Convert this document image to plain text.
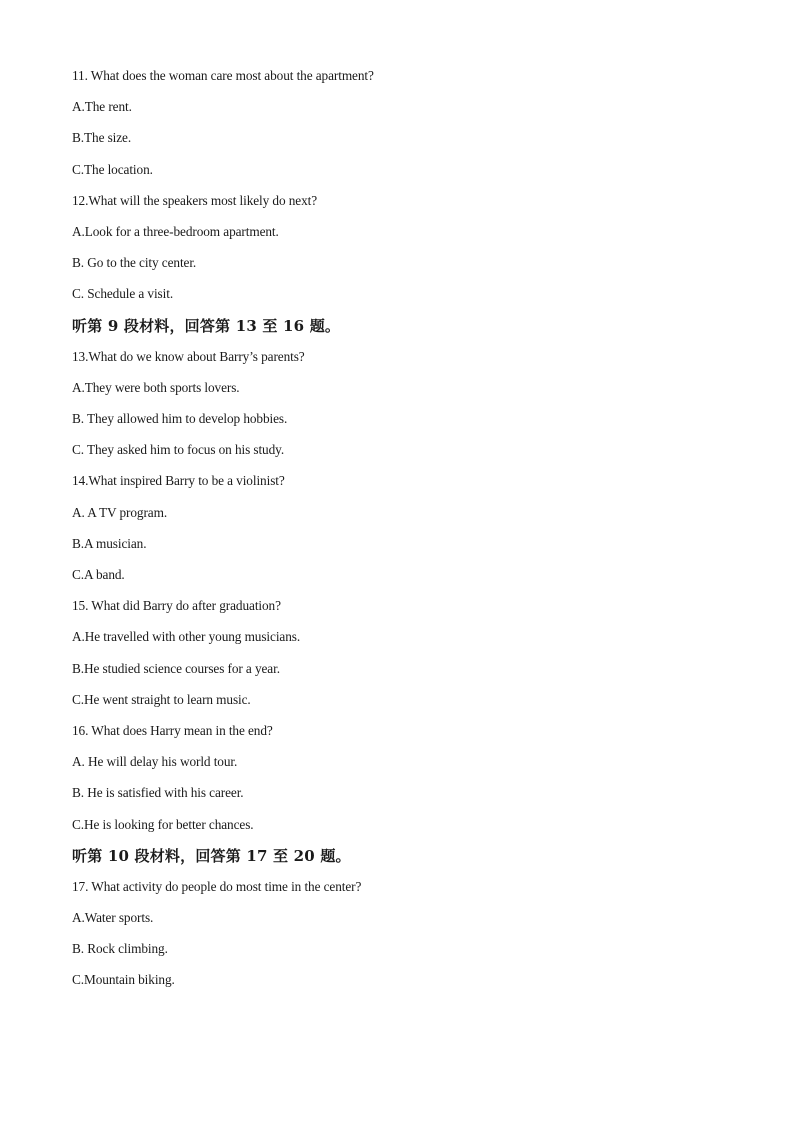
11. What does the woman care most about the apartment?
A.The rent.
B.The size.
C.The location.
12.What will the speakers most likely do next?
A.Look for a three-bedroom apartment.
B. Go to the city center.
C. Schedule a visit.
听第 9 段材料，回答第 13 至 16 题。
13.What do we know about Barry’s parents?
A.They were both sports lovers.
B. They allowed him to develop hobbies.
C. They asked him to focus on his study.
14.What inspired Barry to be a violinist?
A. A TV program.
B.A musician.
C.A band.
15. What did Barry do after graduation?
A.He travelled with other young musicians.
B.He studied science courses for a year.
C.He went straight to learn music.
16. What does Harry mean in the end?
A. He will delay his world tour.
B. He is satisfied with his career.
C.He is looking for better chances.
听第 10 段材料，回答第 17 至 20 题。
17. What activity do people do most time in the center?
A.Water sports.
B. Rock climbing.
C.Mountain biking.
